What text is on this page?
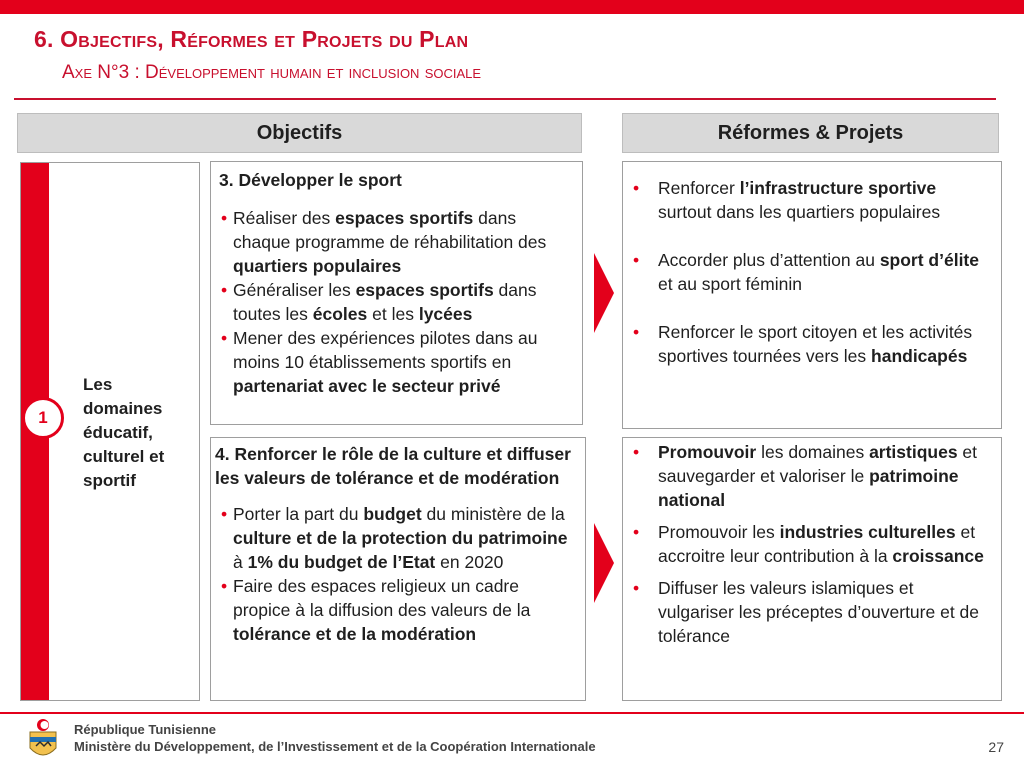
6. Objectifs, Réformes et Projets du Plan
Axe N°3 : Développement humain et inclusion sociale
Objectifs	Réformes & Projets
Les
domaines
éducatif,
culturel et
sportif
1
3. Développer le sport
• Réaliser des espaces sportifs dans chaque programme de réhabilitation des quartiers populaires
• Généraliser les espaces sportifs dans toutes les écoles et les lycées
• Mener des expériences pilotes dans au moins 10 établissements sportifs en partenariat avec le secteur privé
4. Renforcer le rôle de la culture et diffuser les valeurs de tolérance et de modération
• Porter la part du budget du ministère de la culture et de la protection du patrimoine à 1% du budget de l’Etat en 2020
• Faire des espaces religieux un cadre propice à la diffusion des valeurs de la tolérance et de la modération
• Renforcer l’infrastructure sportive surtout dans les quartiers populaires
• Accorder plus d’attention au sport d’élite et au sport féminin
• Renforcer le sport citoyen et les activités sportives tournées vers les handicapés
• Promouvoir les domaines artistiques et sauvegarder et valoriser le patrimoine national
• Promouvoir les industries culturelles et accroitre leur contribution à la croissance
• Diffuser les valeurs islamiques et vulgariser les préceptes d’ouverture et de tolérance
République Tunisienne
Ministère du Développement, de l’Investissement et de la Coopération Internationale	27
